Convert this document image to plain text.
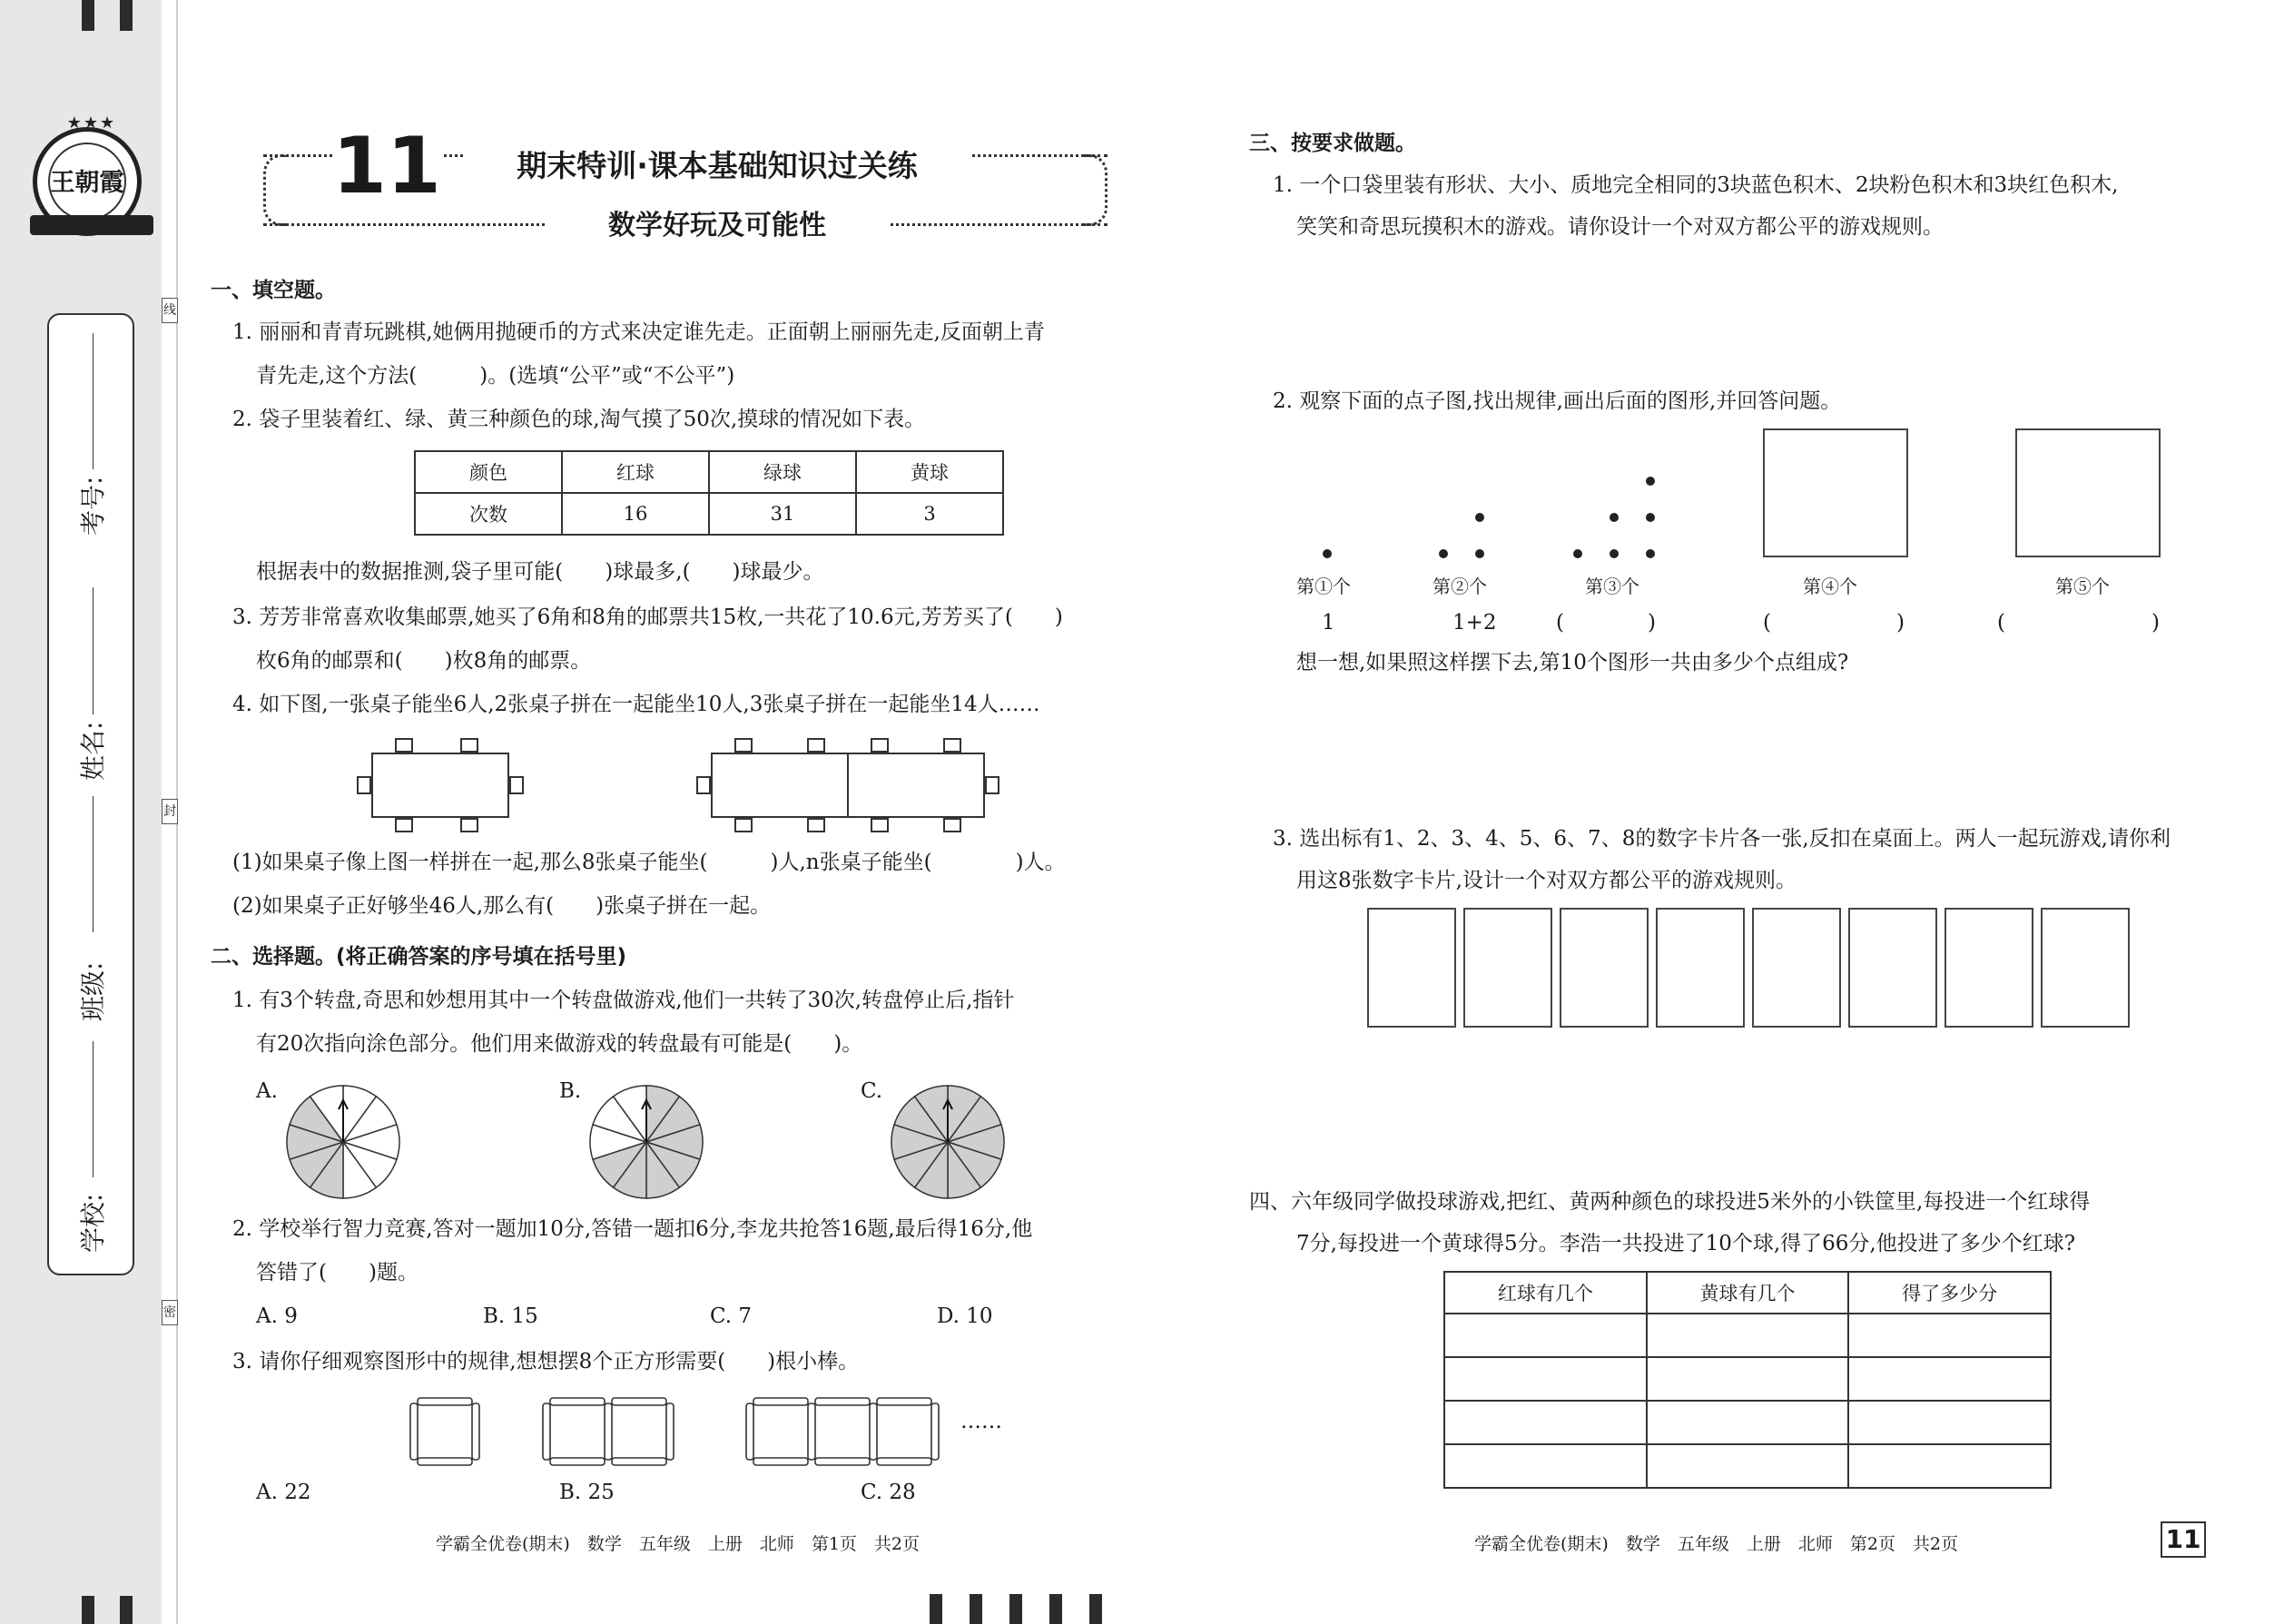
★★★
王朝霞
考号:
姓名:
班级:
学校:
线
封
密
11	期末特训·课本基础知识过关练
数学好玩及可能性
一、填空题。
1. 丽丽和青青玩跳棋,她俩用抛硬币的方式来决定谁先走。正面朝上丽丽先走,反面朝上青
青先走,这个方法(　　　)。(选填“公平”或“不公平”)
2. 袋子里装着红、绿、黄三种颜色的球,淘气摸了50次,摸球的情况如下表。
颜色	红球	绿球	黄球
次数	16	31	3
根据表中的数据推测,袋子里可能(　　)球最多,(　　)球最少。
3. 芳芳非常喜欢收集邮票,她买了6角和8角的邮票共15枚,一共花了10.6元,芳芳买了(　　)
枚6角的邮票和(　　)枚8角的邮票。
4. 如下图,一张桌子能坐6人,2张桌子拼在一起能坐10人,3张桌子拼在一起能坐14人……
(1)如果桌子像上图一样拼在一起,那么8张桌子能坐(　　　)人,n张桌子能坐(　　　　)人。
(2)如果桌子正好够坐46人,那么有(　　)张桌子拼在一起。
二、选择题。(将正确答案的序号填在括号里)
1. 有3个转盘,奇思和妙想用其中一个转盘做游戏,他们一共转了30次,转盘停止后,指针
有20次指向涂色部分。他们用来做游戏的转盘最有可能是(　　)。
A.	B.	C.
2. 学校举行智力竞赛,答对一题加10分,答错一题扣6分,李龙共抢答16题,最后得16分,他
答错了(　　)题。
A. 9	B. 15	C. 7	D. 10
3. 请你仔细观察图形中的规律,想想摆8个正方形需要(　　)根小棒。
……
A. 22	B. 25	C. 28
学霸全优卷(期末)　数学　五年级　上册　北师　第1页　共2页
三、按要求做题。
1. 一个口袋里装有形状、大小、质地完全相同的3块蓝色积木、2块粉色积木和3块红色积木,
笑笑和奇思玩摸积木的游戏。请你设计一个对双方都公平的游戏规则。
2. 观察下面的点子图,找出规律,画出后面的图形,并回答问题。
第①个	第②个	第③个	第④个	第⑤个
1	1+2	(　　　　)	(　　　　　　)	(　　　　　　　)
想一想,如果照这样摆下去,第10个图形一共由多少个点组成?
3. 选出标有1、2、3、4、5、6、7、8的数字卡片各一张,反扣在桌面上。两人一起玩游戏,请你利
用这8张数字卡片,设计一个对双方都公平的游戏规则。
四、六年级同学做投球游戏,把红、黄两种颜色的球投进5米外的小铁筐里,每投进一个红球得
7分,每投进一个黄球得5分。李浩一共投进了10个球,得了66分,他投进了多少个红球?
红球有几个	黄球有几个	得了多少分

学霸全优卷(期末)　数学　五年级　上册　北师　第2页　共2页	11
